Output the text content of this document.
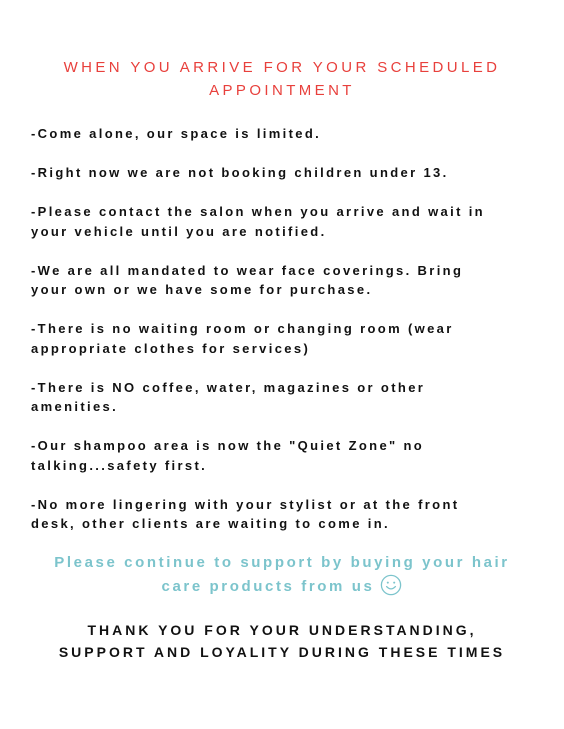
WHEN YOU ARRIVE FOR YOUR SCHEDULED
APPOINTMENT
-Come alone, our space is limited.
-Right now we are not booking children under 13.
-Please contact the salon when you arrive and wait in
your vehicle until you are notified.
-We are all mandated to wear face coverings. Bring
your own or we have some for purchase.
-There is no waiting room or changing room (wear
appropriate clothes for services)
-There is NO coffee, water, magazines or other
amenities.
-Our shampoo area is now the "Quiet Zone" no
talking...safety first.
-No more lingering with your stylist or at the front
desk, other clients are waiting to come in.
Please continue to support by buying your hair
care products from us
THANK YOU FOR YOUR UNDERSTANDING,
SUPPORT AND LOYALITY DURING THESE TIMES
